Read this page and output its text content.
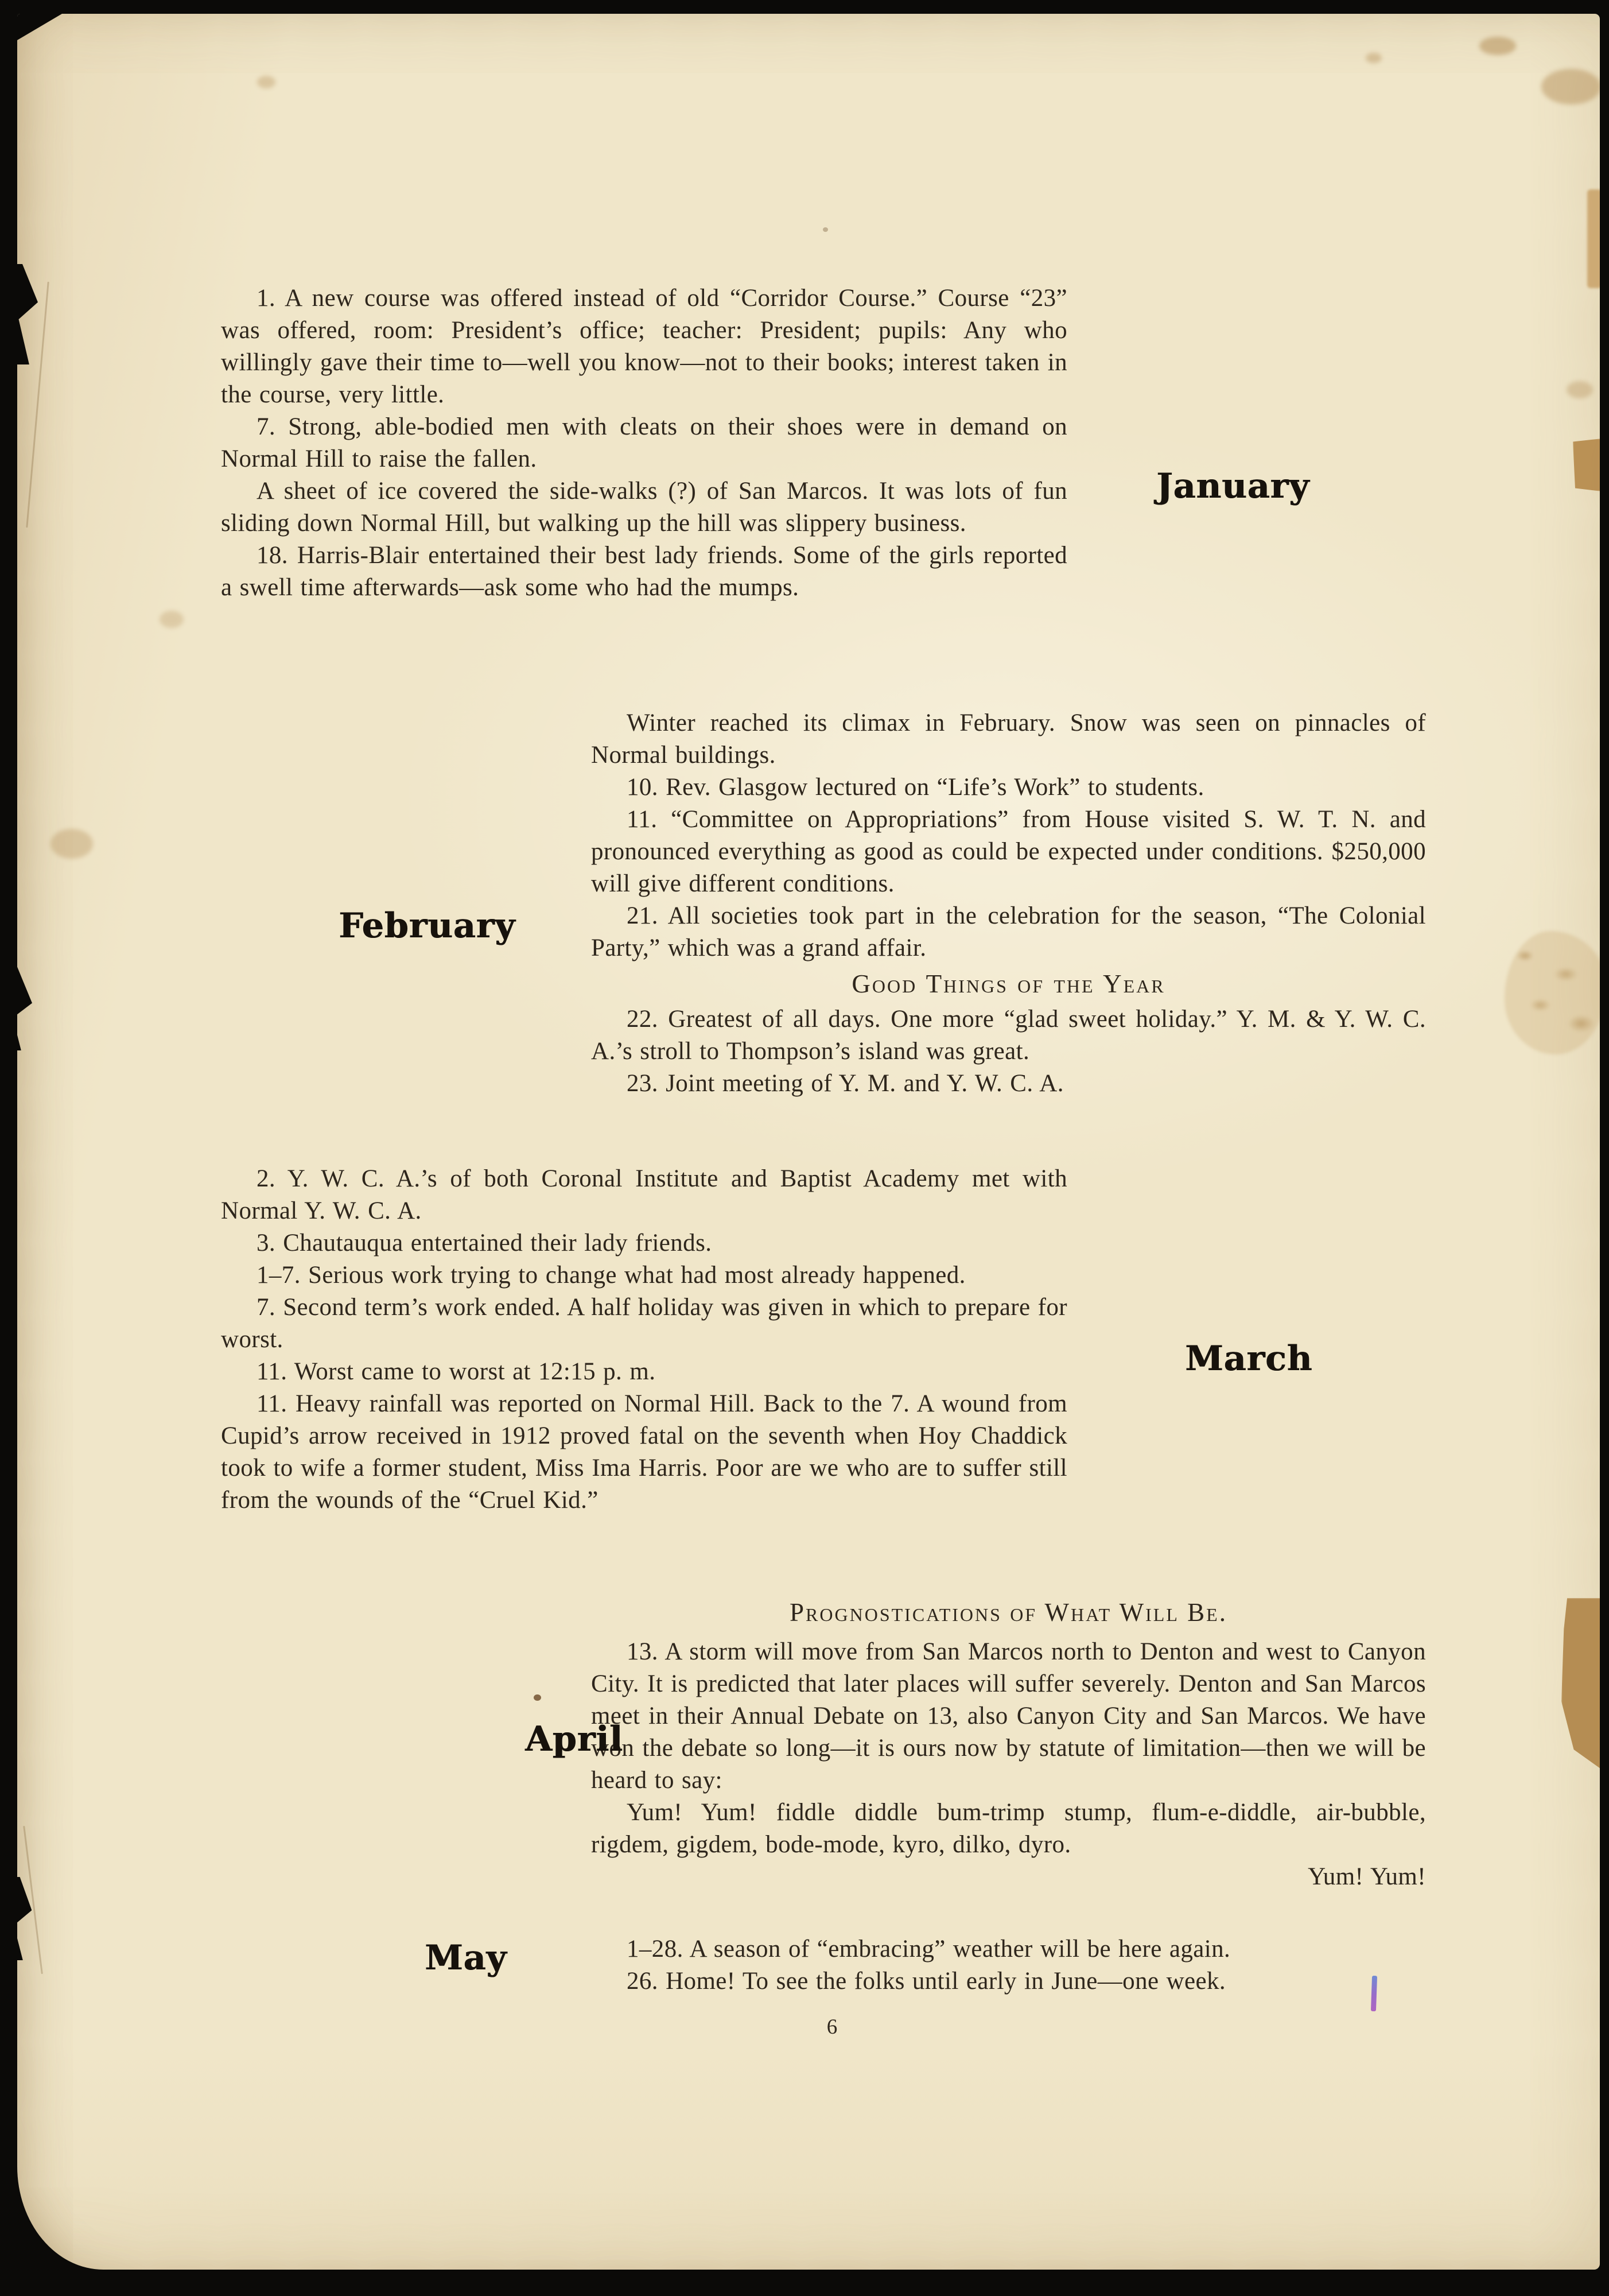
1. A new course was offered instead of old “Corridor Course.” Course “23” was offered, room: President’s office; teacher: President; pupils: Any who willingly gave their time to—well you know—not to their books; interest taken in the course, very little.

7. Strong, able-bodied men with cleats on their shoes were in demand on Normal Hill to raise the fallen.

A sheet of ice covered the side-walks (?) of San Marcos. It was lots of fun sliding down Normal Hill, but walking up the hill was slippery business.

18. Harris-Blair entertained their best lady friends. Some of the girls reported a swell time afterwards—ask some who had the mumps.

January

Winter reached its climax in February. Snow was seen on pinnacles of Normal buildings.

10. Rev. Glasgow lectured on “Life’s Work” to students.

11. “Committee on Appropriations” from House visited S. W. T. N. and pronounced everything as good as could be expected under conditions. $250,000 will give different conditions.

21. All societies took part in the celebration for the season, “The Colonial Party,” which was a grand affair.

Good Things of the Year

22. Greatest of all days. One more “glad sweet holiday.” Y. M. & Y. W. C. A.’s stroll to Thompson’s island was great.

23. Joint meeting of Y. M. and Y. W. C. A.

February

2. Y. W. C. A.’s of both Coronal Institute and Baptist Academy met with Normal Y. W. C. A.

3. Chautauqua entertained their lady friends.

1–7. Serious work trying to change what had most already happened.

7. Second term’s work ended. A half holiday was given in which to prepare for worst.

11. Worst came to worst at 12:15 p. m.

11. Heavy rainfall was reported on Normal Hill. Back to the 7. A wound from Cupid’s arrow received in 1912 proved fatal on the seventh when Hoy Chaddick took to wife a former student, Miss Ima Harris. Poor are we who are to suffer still from the wounds of the “Cruel Kid.”

March
Prognostications of What Will Be.

13. A storm will move from San Marcos north to Denton and west to Canyon City. It is predicted that later places will suffer severely. Denton and San Marcos meet in their Annual Debate on 13, also Canyon City and San Marcos. We have won the debate so long—it is ours now by statute of limitation—then we will be heard to say:

Yum! Yum! fiddle diddle bum-trimp stump, flum-e-diddle, air-bubble, rigdem, gigdem, bode-mode, kyro, dilko, dyro.

Yum! Yum!

April

1–28. A season of “embracing” weather will be here again.

26. Home! To see the folks until early in June—one week.

May
6
